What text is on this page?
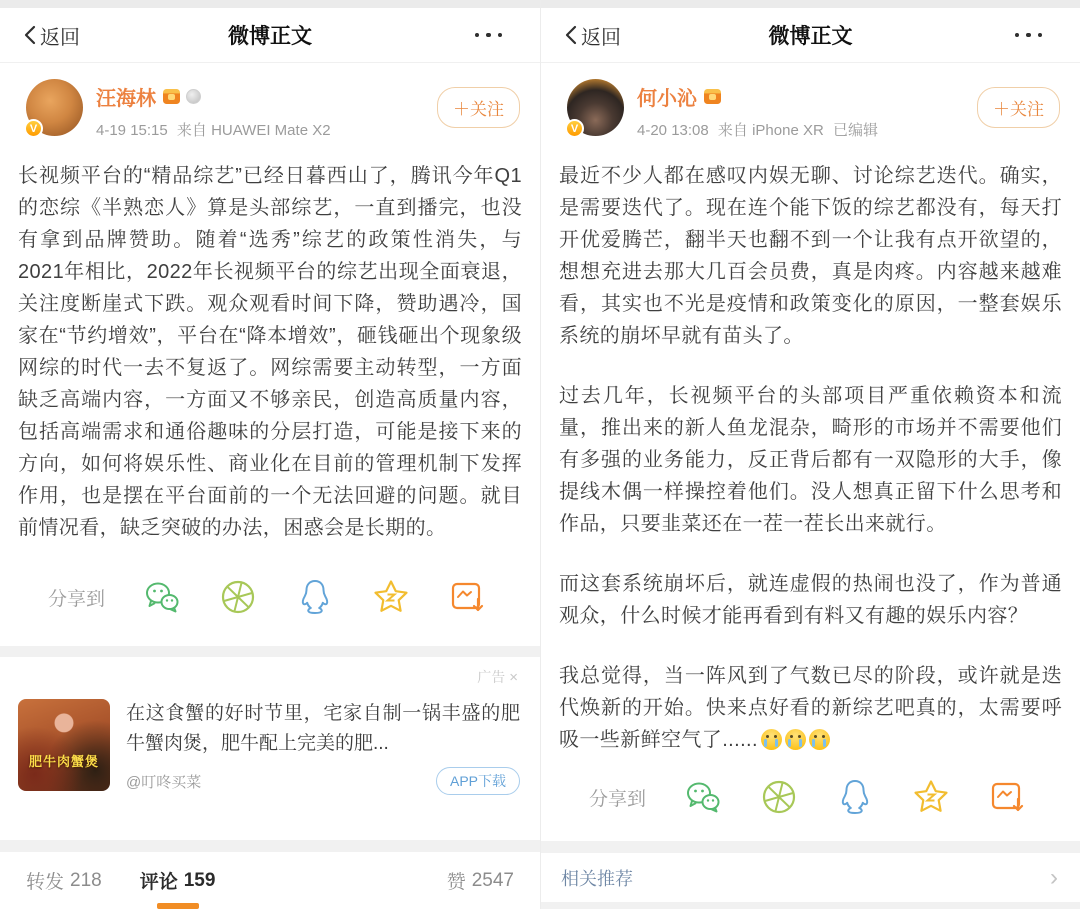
返回	微博正文
V
汪海林
4-19 15:15 来自 HUAWEI Mate X2
＋关注

长视频平台的“精品综艺”已经日暮西山了，腾讯今年Q1的恋综《半熟恋人》算是头部综艺，一直到播完，也没有拿到品牌赞助。随着“选秀”综艺的政策性消失，与2021年相比，2022年长视频平台的综艺出现全面衰退，关注度断崖式下跌。观众观看时间下降，赞助遇冷，国家在“节约增效”，平台在“降本增效”，砸钱砸出个现象级网综的时代一去不复返了。网综需要主动转型，一方面缺乏高端内容，一方面又不够亲民，创造高质量内容，包括高端需求和通俗趣味的分层打造，可能是接下来的方向，如何将娱乐性、商业化在目前的管理机制下发挥作用，也是摆在平台面前的一个无法回避的问题。就目前情况看，缺乏突破的办法，困惑会是长期的。

分享到
广告 ×
肥牛肉蟹煲
在这食蟹的好时节里，宅家自制一锅丰盛的肥牛蟹肉煲，肥牛配上完美的肥...
@叮咚买菜	APP下载
转发 218 评论 159	赞 2547
返回	微博正文
V
何小沁
4-20 13:08 来自 iPhone XR 已编辑
＋关注

最近不少人都在感叹内娱无聊、讨论综艺迭代。确实，是需要迭代了。现在连个能下饭的综艺都没有，每天打开优爱腾芒，翻半天也翻不到一个让我有点开欲望的，想想充进去那大几百会员费，真是肉疼。内容越来越难看，其实也不光是疫情和政策变化的原因，一整套娱乐系统的崩坏早就有苗头了。

过去几年，长视频平台的头部项目严重依赖资本和流量，推出来的新人鱼龙混杂，畸形的市场并不需要他们有多强的业务能力，反正背后都有一双隐形的大手，像提线木偶一样操控着他们。没人想真正留下什么思考和作品，只要韭菜还在一茬一茬长出来就行。

而这套系统崩坏后，就连虚假的热闹也没了，作为普通观众，什么时候才能再看到有料又有趣的娱乐内容？

我总觉得，当一阵风到了气数已尽的阶段，或许就是迭代焕新的开始。快来点好看的新综艺吧真的，太需要呼吸一些新鲜空气了......

分享到
相关推荐	›
